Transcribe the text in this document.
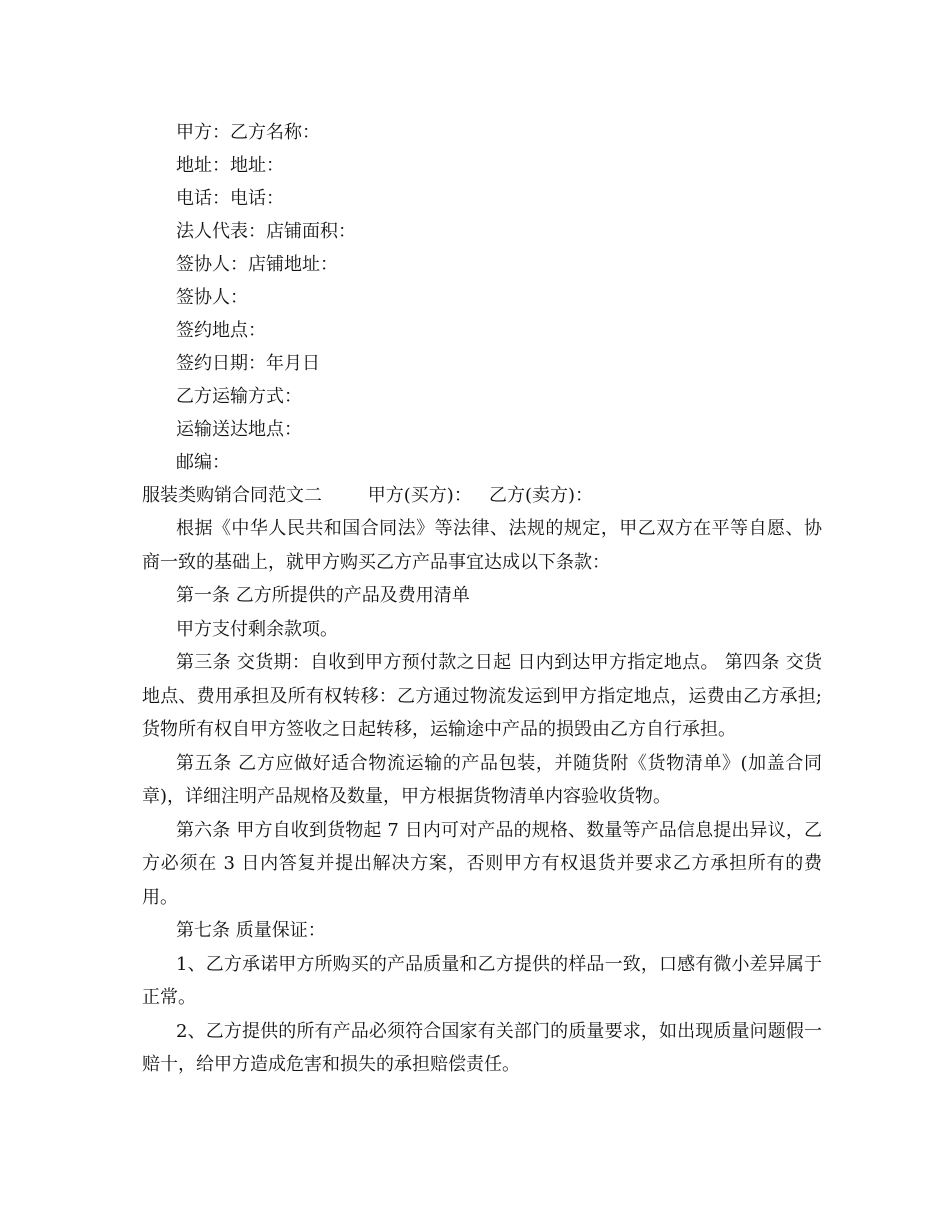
甲方：乙方名称：

地址：地址：

电话：电话：

法人代表：店铺面积：

签协人：店铺地址：

签协人：

签约地点：

签约日期：年月日

乙方运输方式：

运输送达地点：

邮编：

服装类购销合同范文二        甲方(买方)：   乙方(卖方)：

根据《中华人民共和国合同法》等法律、法规的规定，甲乙双方在平等自愿、协商一致的基础上，就甲方购买乙方产品事宜达成以下条款：

第一条 乙方所提供的产品及费用清单

甲方支付剩余款项。

第三条 交货期：自收到甲方预付款之日起 日内到达甲方指定地点。 第四条 交货地点、费用承担及所有权转移：乙方通过物流发运到甲方指定地点，运费由乙方承担;货物所有权自甲方签收之日起转移，运输途中产品的损毁由乙方自行承担。

第五条 乙方应做好适合物流运输的产品包装，并随货附《货物清单》(加盖合同章)，详细注明产品规格及数量，甲方根据货物清单内容验收货物。

第六条 甲方自收到货物起 7 日内可对产品的规格、数量等产品信息提出异议，乙方必须在 3 日内答复并提出解决方案，否则甲方有权退货并要求乙方承担所有的费用。

第七条 质量保证：

1、乙方承诺甲方所购买的产品质量和乙方提供的样品一致，口感有微小差异属于正常。

2、乙方提供的所有产品必须符合国家有关部门的质量要求，如出现质量问题假一赔十，给甲方造成危害和损失的承担赔偿责任。
